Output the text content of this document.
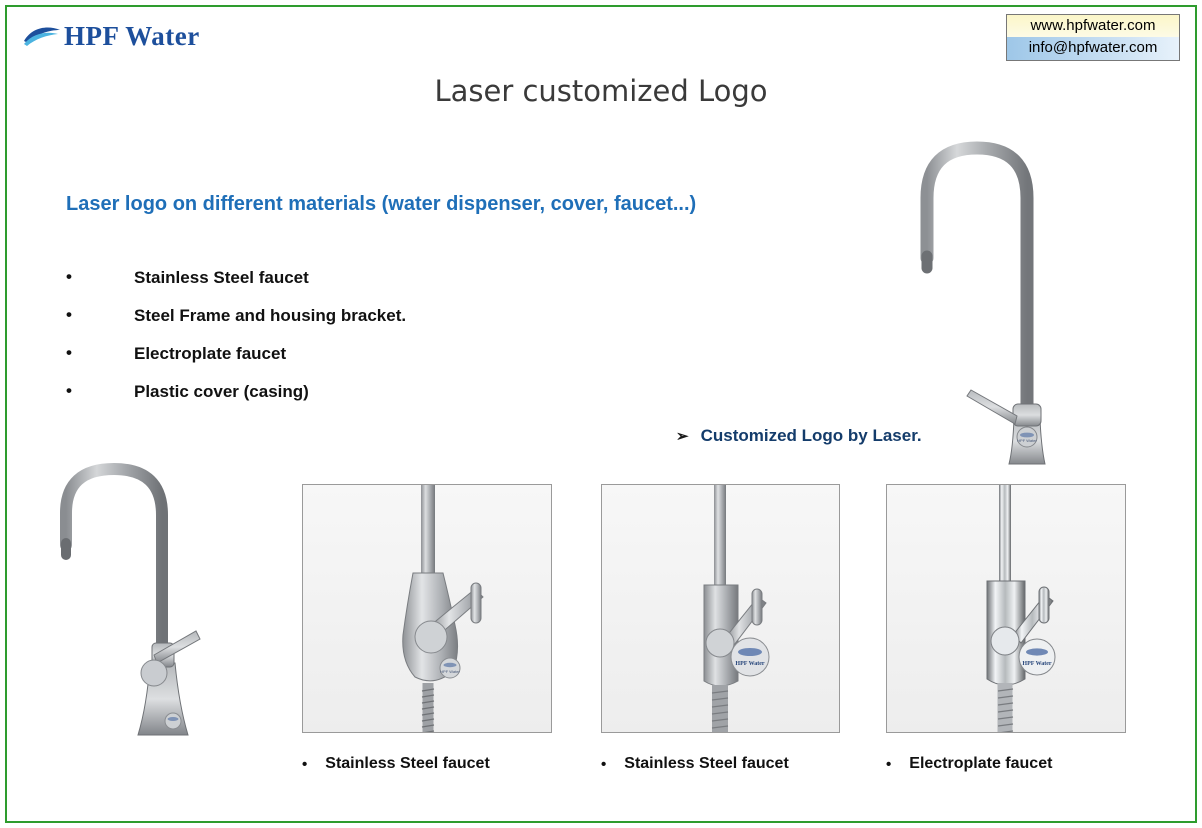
HPF Water	www.hpfwater.com
info@hpfwater.com
Laser customized Logo
Laser logo on different materials (water dispenser, cover, faucet...)
•	Stainless Steel faucet
•	Steel Frame and housing bracket.
•	Electroplate faucet
•	Plastic cover (casing)
➢ Customized Logo by Laser.	HPF Water
HPF Water
• Stainless Steel faucet
HPF Water
• Stainless Steel faucet
HPF Water
• Electroplate faucet
